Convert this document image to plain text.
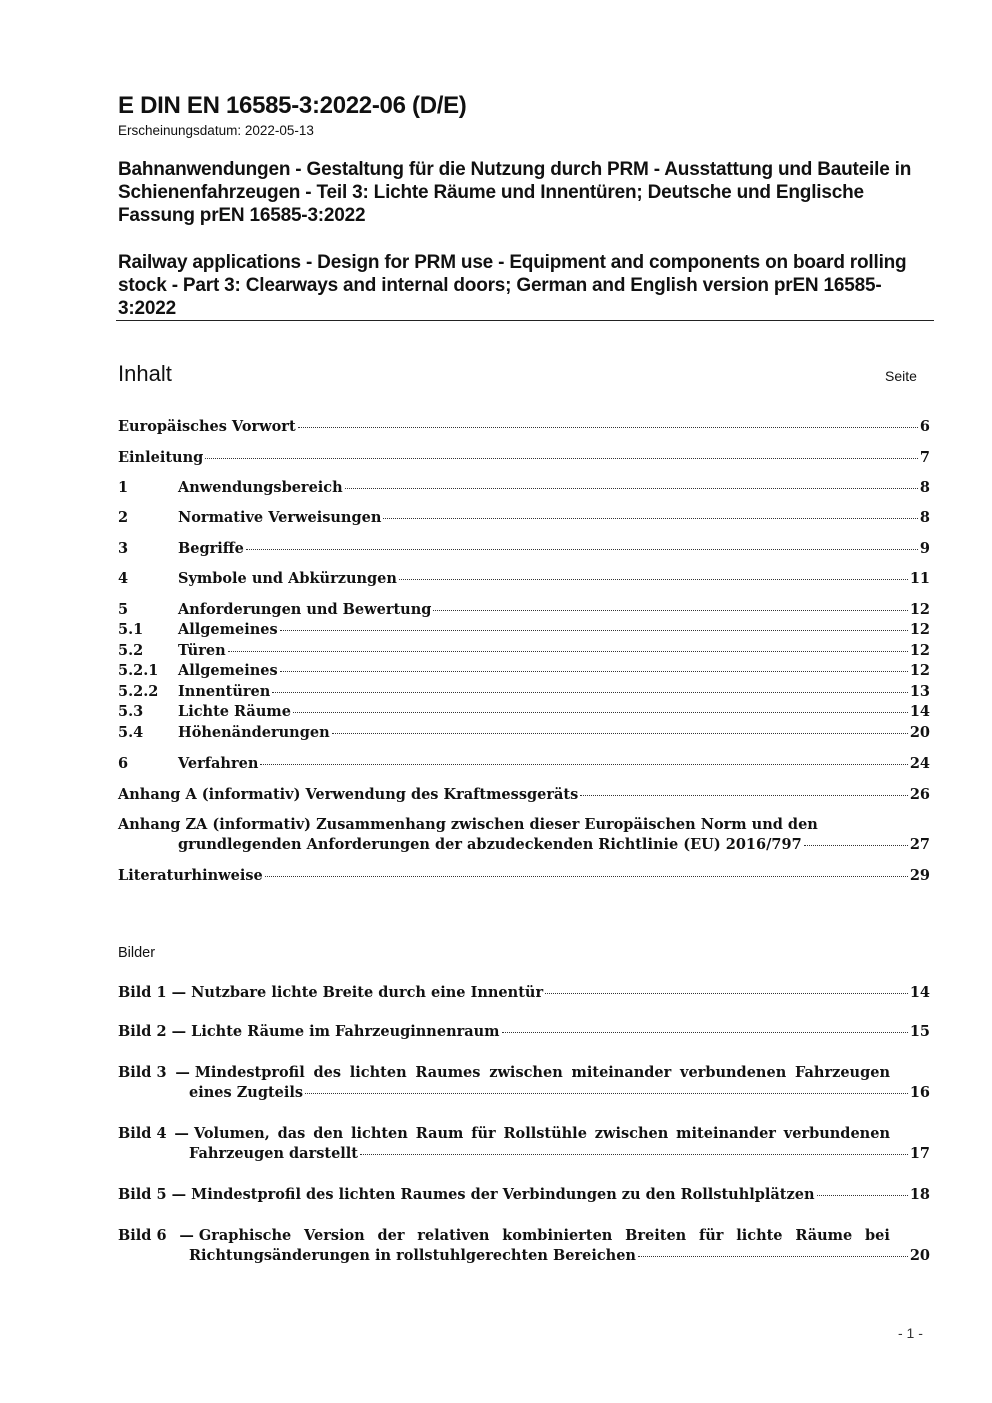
E DIN EN 16585-3:2022-06 (D/E)
Erscheinungsdatum: 2022-05-13
Bahnanwendungen - Gestaltung für die Nutzung durch PRM - Ausstattung und Bauteile in Schienenfahrzeugen - Teil 3: Lichte Räume und Innentüren; Deutsche und Englische Fassung prEN 16585-3:2022
Railway applications - Design for PRM use - Equipment and components on board rolling stock - Part 3: Clearways and internal doors; German and English version prEN 16585-3:2022
Inhalt	Seite
Europäisches Vorwort	6
Einleitung	7
1	Anwendungsbereich	8
2	Normative Verweisungen	8
3	Begriffe	9
4	Symbole und Abkürzungen	11
5	Anforderungen und Bewertung	12
5.1	Allgemeines	12
5.2	Türen	12
5.2.1	Allgemeines	12
5.2.2	Innentüren	13
5.3	Lichte Räume	14
5.4	Höhenänderungen	20
6	Verfahren	24
Anhang A (informativ) Verwendung des Kraftmessgeräts	26
Anhang ZA (informativ) Zusammenhang zwischen dieser Europäischen Norm und den
grundlegenden Anforderungen der abzudeckenden Richtlinie (EU) 2016/797	27
Literaturhinweise	29
Bilder
Bild 1 — Nutzbare lichte Breite durch eine Innentür	14
Bild 2 — Lichte Räume im Fahrzeuginnenraum	15
Bild 3 — Mindestprofil des lichten Raumes zwischen miteinander verbundenen Fahrzeugen
eines Zugteils	16
Bild 4 — Volumen, das den lichten Raum für Rollstühle zwischen miteinander verbundenen
Fahrzeugen darstellt	17
Bild 5 — Mindestprofil des lichten Raumes der Verbindungen zu den Rollstuhlplätzen	18
Bild 6 — Graphische Version der relativen kombinierten Breiten für lichte Räume bei
Richtungsänderungen in rollstuhlgerechten Bereichen	20
- 1 -
